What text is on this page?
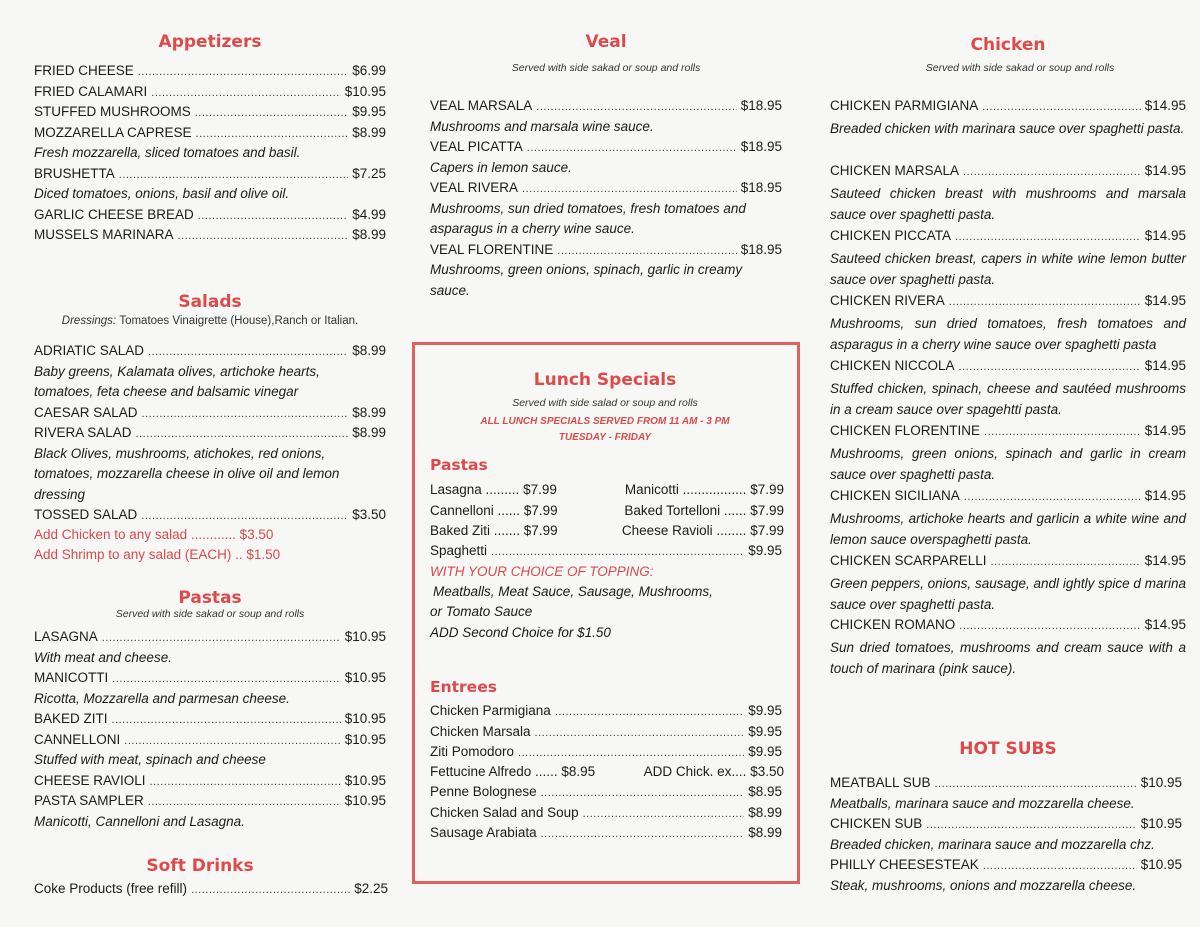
Appetizers
FRIED CHEESE .....	$6.99
FRIED CALAMARI .....	$10.95
STUFFED MUSHROOMS .....	$9.95
MOZZARELLA CAPRESE .....	$8.99
Fresh mozzarella, sliced tomatoes and basil.
BRUSHETTA .....	$7.25
Diced tomatoes, onions, basil and olive oil.
GARLIC CHEESE BREAD .....	$4.99
MUSSELS MARINARA .....	$8.99
Salads
Dressings: Tomatoes Vinaigrette (House),Ranch or Italian.
ADRIATIC SALAD .....	$8.99
Baby greens, Kalamata olives, artichoke hearts,
tomatoes, feta cheese and balsamic vinegar
CAESAR SALAD .....	$8.99
RIVERA SALAD .....	$8.99
Black Olives, mushrooms, atichokes, red onions,
tomatoes, mozzarella cheese in olive oil and lemon
dressing
TOSSED SALAD .....	$3.50
Add Chicken to any salad ............ $3.50
Add Shrimp to any salad (EACH) .. $1.50
Pastas
Served with side sakad or soup and rolls
LASAGNA .....	$10.95
With meat and cheese.
MANICOTTI .....	$10.95
Ricotta, Mozzarella and parmesan cheese.
BAKED ZITI .....	$10.95
CANNELLONI .....	$10.95
Stuffed with meat, spinach and cheese
CHEESE RAVIOLI .....	$10.95
PASTA SAMPLER .....	$10.95
Manicotti, Cannelloni and Lasagna.
Soft Drinks
Coke Products (free refill) .....	$2.25
Veal
Served with side sakad or soup and rolls
VEAL MARSALA .....	$18.95
Mushrooms and marsala wine sauce.
VEAL PICATTA .....	$18.95
Capers in lemon sauce.
VEAL RIVERA .....	$18.95
Mushrooms, sun dried tomatoes, fresh tomatoes and
asparagus in a cherry wine sauce.
VEAL FLORENTINE .....	$18.95
Mushrooms, green onions, spinach, garlic in creamy
sauce.
Lunch Specials
Served with side salad or soup and rolls
ALL LUNCH SPECIALS SERVED FROM 11 AM - 3 PM
TUESDAY - FRIDAY
Pastas
Lasagna ......... $7.99	Manicotti ................. $7.99
Cannelloni ...... $7.99	Baked Tortelloni ...... $7.99
Baked Ziti ....... $7.99	Cheese Ravioli ........ $7.99
Spaghetti .....	$9.95
WITH YOUR CHOICE OF TOPPING:
Meatballs, Meat Sauce, Sausage, Mushrooms,
or Tomato Sauce
ADD Second Choice for $1.50
Entrees
Chicken Parmigiana .....	$9.95
Chicken Marsala .....	$9.95
Ziti Pomodoro .....	$9.95
Fettucine Alfredo ...... $8.95	ADD Chick. ex.... $3.50
Penne Bolognese .....	$8.95
Chicken Salad and Soup .....	$8.99
Sausage Arabiata .....	$8.99
Chicken
Served with side sakad or soup and rolls
CHICKEN PARMIGIANA .....	$14.95
Breaded chicken with marinara sauce over spaghetti pasta.
CHICKEN MARSALA .....	$14.95
Sauteed chicken breast with mushrooms and marsala sauce over spaghetti pasta.
CHICKEN PICCATA .....	$14.95
Sauteed chicken breast, capers in white wine lemon butter sauce over spaghetti pasta.
CHICKEN RIVERA .....	$14.95
Mushrooms, sun dried tomatoes, fresh tomatoes and asparagus in a cherry wine sauce over spaghetti pasta
CHICKEN NICCOLA .....	$14.95
Stuffed chicken, spinach, cheese and sautéed mushrooms in a cream sauce over spagehtti pasta.
CHICKEN FLORENTINE .....	$14.95
Mushrooms, green onions, spinach and garlic in cream sauce over spaghetti pasta.
CHICKEN SICILIANA .....	$14.95
Mushrooms, artichoke hearts and garlicin a white wine and lemon sauce overspaghetti pasta.
CHICKEN SCARPARELLI .....	$14.95
Green peppers, onions, sausage, andl ightly spice d marina sauce over spaghetti pasta.
CHICKEN ROMANO .....	$14.95
Sun dried tomatoes, mushrooms and cream sauce with a touch of marinara (pink sauce).
HOT SUBS
MEATBALL SUB .....	$10.95
Meatballs, marinara sauce and mozzarella cheese.
CHICKEN SUB .....	$10.95
Breaded chicken, marinara sauce and mozzarella chz.
PHILLY CHEESESTEAK .....	$10.95
Steak, mushrooms, onions and mozzarella cheese.
